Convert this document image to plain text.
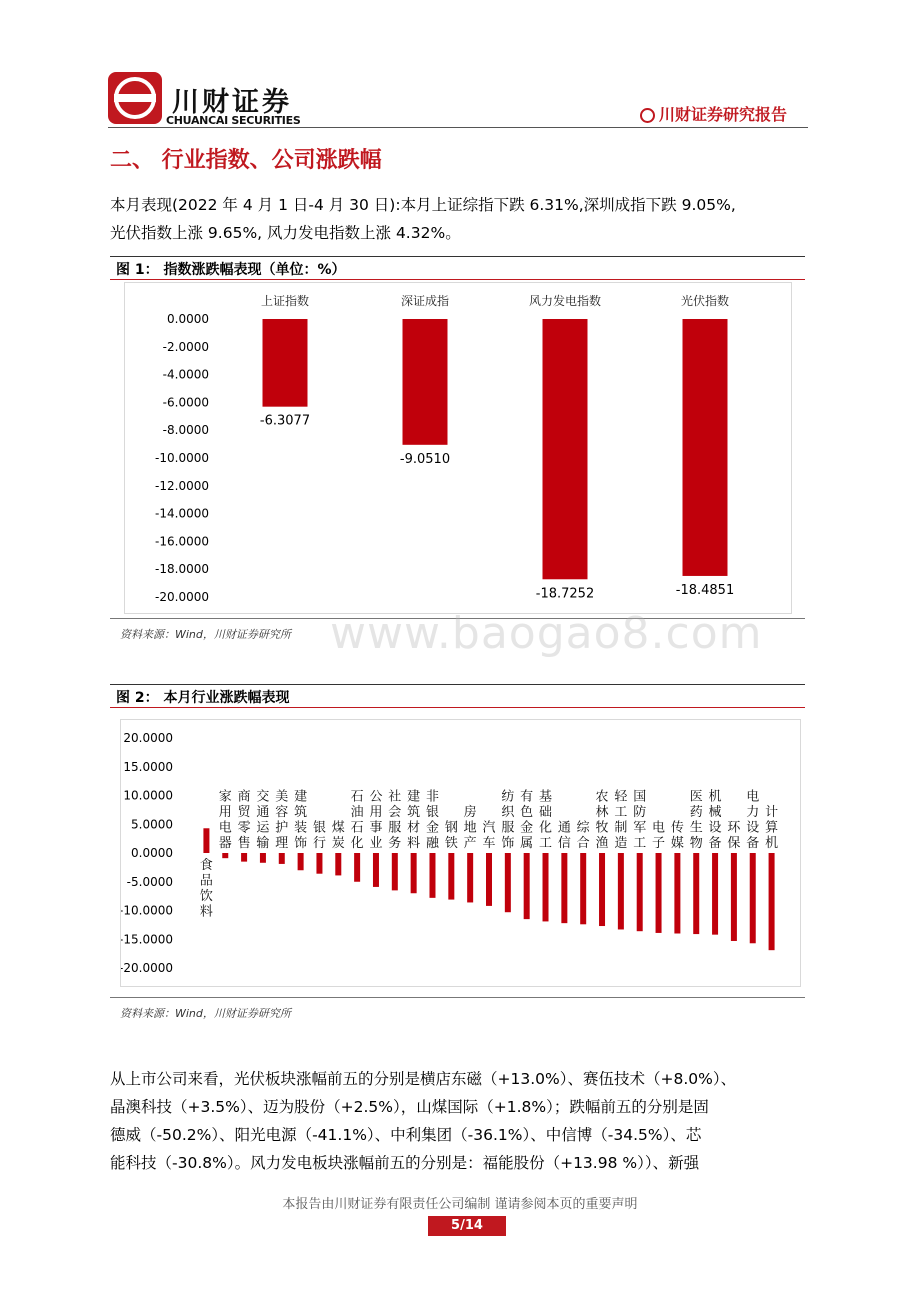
川财证券
CHUANCAI SECURITIES	川财证券研究报告
二、 行业指数、公司涨跌幅
本月表现(2022 年 4 月 1 日-4 月 30 日):本月上证综指下跌 6.31%,深圳成指下跌 9.05%,
光伏指数上涨 9.65%, 风力发电指数上涨 4.32%。
图 1： 指数涨跌幅表现（单位：%）
0.0000
-2.0000
-4.0000
-6.0000
-8.0000
-10.0000
-12.0000
-14.0000
-16.0000
-18.0000
-20.0000
上证指数
-6.3077
深证成指
-9.0510
风力发电指数
-18.7252
光伏指数
-18.4851
资料来源：Wind，川财证券研究所 www.baogao8.com
图 2： 本月行业涨跌幅表现
20.0000
15.0000
10.0000
5.0000
0.0000
-5.0000
-10.0000
-15.0000
-20.0000
食品饮料
家用电器
商贸零售
交通运输
美容护理
建筑装饰
银行
煤炭
石油石化
公用事业
社会服务
建筑材料
非银金融
钢铁
房地产
汽车
纺织服饰
有色金属
基础化工
通信
综合
农林牧渔
轻工制造
国防军工
电子
传媒
医药生物
机械设备
环保
电力设备
计算机
资料来源：Wind，川财证券研究所
从上市公司来看，光伏板块涨幅前五的分别是横店东磁（+13.0%）、赛伍技术（+8.0%）、
晶澳科技（+3.5%）、迈为股份（+2.5%），山煤国际（+1.8%）；跌幅前五的分别是固
德威（-50.2%）、阳光电源（-41.1%）、中利集团（-36.1%）、中信博（-34.5%）、芯
能科技（-30.8%）。风力发电板块涨幅前五的分别是：福能股份（+13.98 %））、新强
本报告由川财证券有限责任公司编制 谨请参阅本页的重要声明
5/14
